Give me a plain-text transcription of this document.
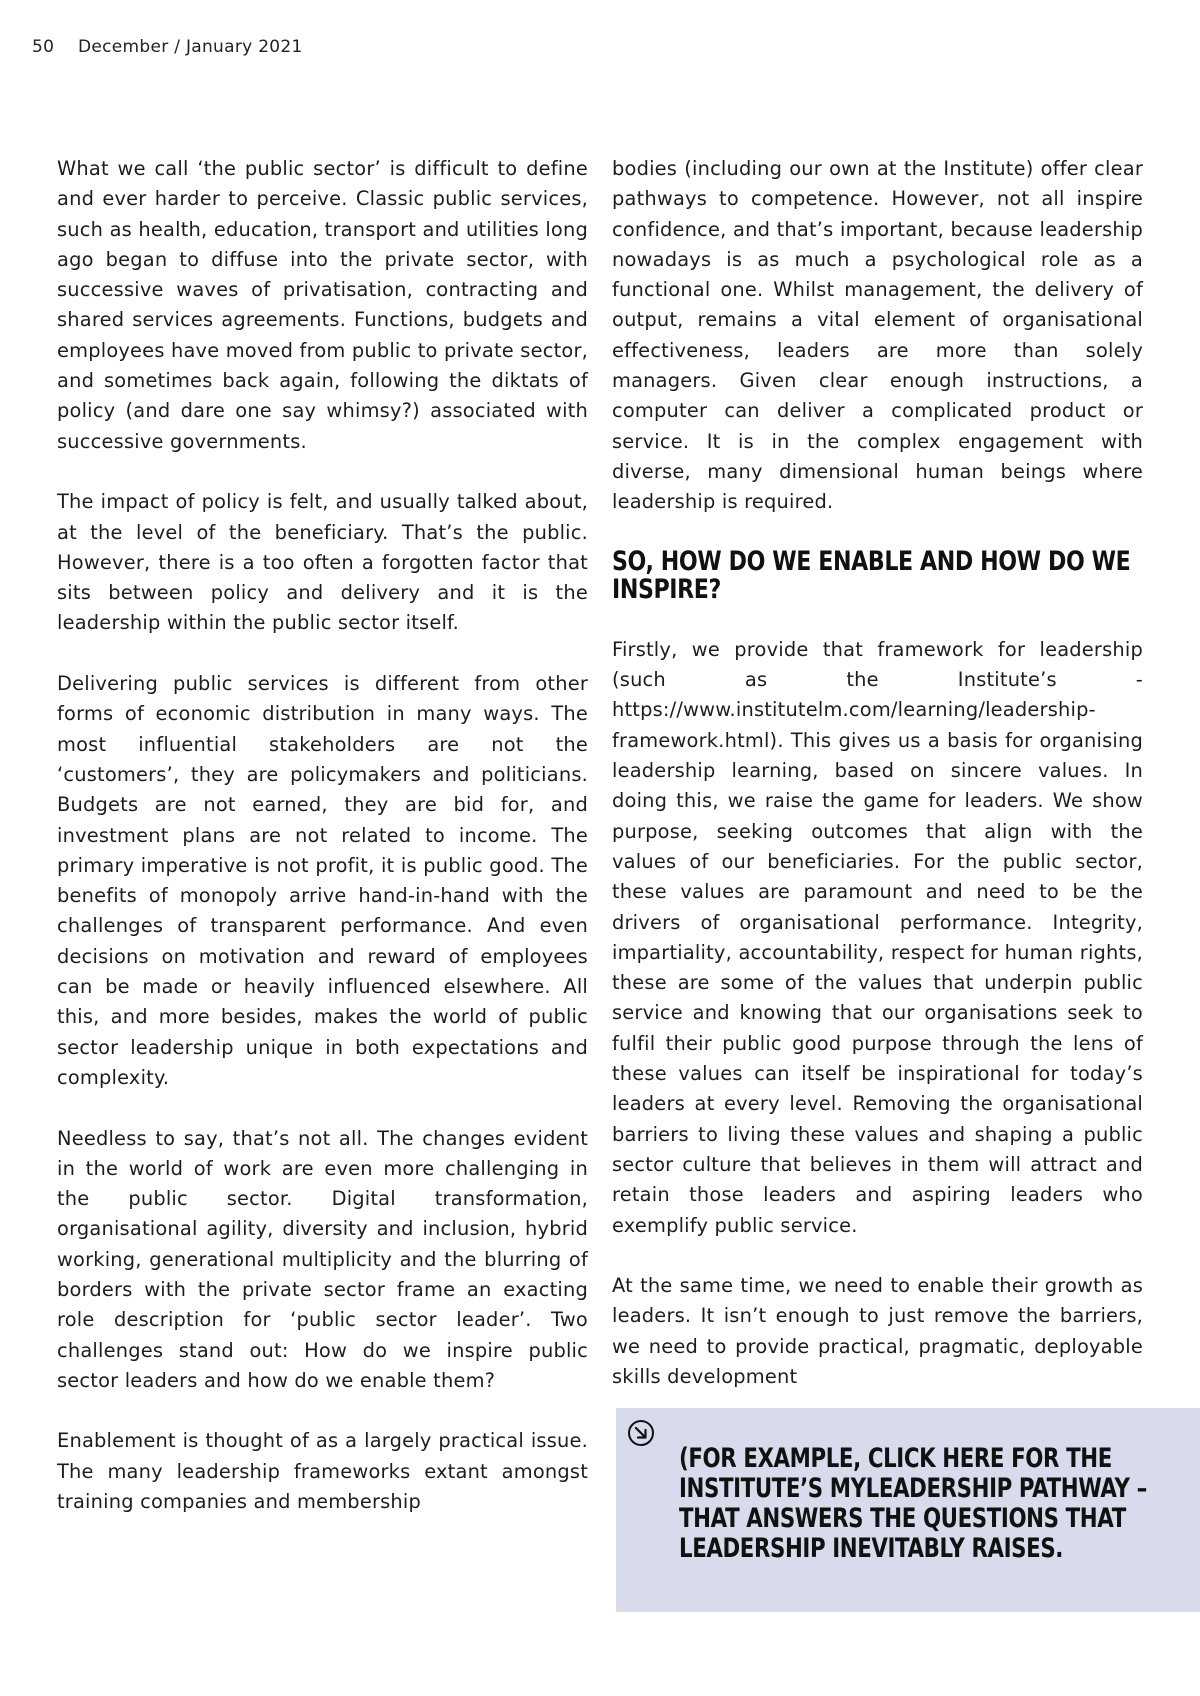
50 December / January 2021

What we call ‘the public sector’ is difficult to define and ever harder to perceive. Classic public services, such as health, education, transport and utilities long ago began to diffuse into the private sector, with successive waves of privatisation, contracting and shared services agreements. Functions, budgets and employees have moved from public to private sector, and sometimes back again, following the diktats of policy (and dare one say whimsy?) associated with successive governments.

The impact of policy is felt, and usually talked about, at the level of the beneficiary. That’s the public. However, there is a too often a forgotten factor that sits between policy and delivery and it is the leadership within the public sector itself.

Delivering public services is different from other forms of economic distribution in many ways. The most influential stakeholders are not the ‘customers’, they are policymakers and politicians. Budgets are not earned, they are bid for, and investment plans are not related to income. The primary imperative is not profit, it is public good. The benefits of monopoly arrive hand-in-hand with the challenges of transparent performance. And even decisions on motivation and reward of employees can be made or heavily influenced elsewhere. All this, and more besides, makes the world of public sector leadership unique in both expectations and complexity.

Needless to say, that’s not all. The changes evident in the world of work are even more challenging in the public sector. Digital transformation, organisational agility, diversity and inclusion, hybrid working, generational multiplicity and the blurring of borders with the private sector frame an exacting role description for ‘public sector leader’. Two challenges stand out: How do we inspire public sector leaders and how do we enable them?

Enablement is thought of as a largely practical issue. The many leadership frameworks extant amongst training companies and membership

bodies (including our own at the Institute) offer clear pathways to competence. However, not all inspire confidence, and that’s important, because leadership nowadays is as much a psychological role as a functional one. Whilst management, the delivery of output, remains a vital element of organisational effectiveness, leaders are more than solely managers. Given clear enough instructions, a computer can deliver a complicated product or service. It is in the complex engagement with diverse, many dimensional human beings where leadership is required.

SO, HOW DO WE ENABLE AND HOW DO WE INSPIRE?

Firstly, we provide that framework for leadership (such as the Institute’s - https://www.institutelm.com/learning/leadership-framework.html). This gives us a basis for organising leadership learning, based on sincere values. In doing this, we raise the game for leaders. We show purpose, seeking outcomes that align with the values of our beneficiaries. For the public sector, these values are paramount and need to be the drivers of organisational performance. Integrity, impartiality, accountability, respect for human rights, these are some of the values that underpin public service and knowing that our organisations seek to fulfil their public good purpose through the lens of these values can itself be inspirational for today’s leaders at every level. Removing the organisational barriers to living these values and shaping a public sector culture that believes in them will attract and retain those leaders and aspiring leaders who exemplify public service.

At the same time, we need to enable their growth as leaders. It isn’t enough to just remove the barriers, we need to provide practical, pragmatic, deployable skills development

(FOR EXAMPLE, CLICK HERE FOR THE INSTITUTE’S MYLEADERSHIP PATHWAY – THAT ANSWERS THE QUESTIONS THAT LEADERSHIP INEVITABLY RAISES.
